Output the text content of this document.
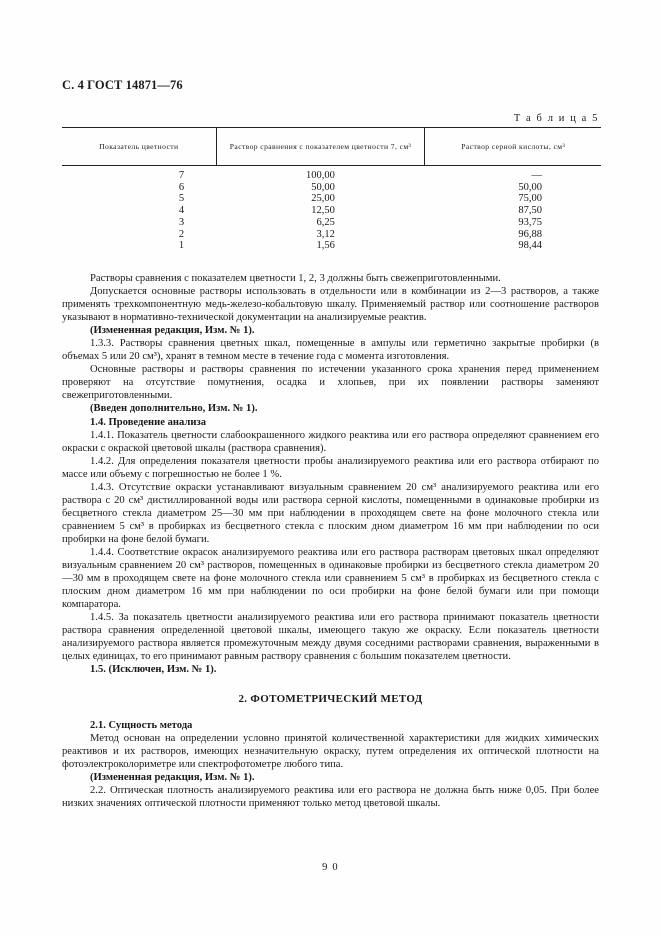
С. 4 ГОСТ 14871—76
Т а б л и ц а 5
Показатель цветности	Раствор сравнения с показателем цветности 7, см³	Раствор серной кислоты, см³
7	100,00	—
6	50,00	50,00
5	25,00	75,00
4	12,50	87,50
3	6,25	93,75
2	3,12	96,88
1	1,56	98,44

Растворы сравнения с показателем цветности 1, 2, 3 должны быть свежеприготовленными.

Допускается основные растворы использовать в отдельности или в комбинации из 2—3 растворов, а также применять трехкомпонентную медь-железо-кобальтовую шкалу. Применяемый раствор или соотношение растворов указывают в нормативно-технической документации на анализируемые реактив.

(Измененная редакция, Изм. № 1).

1.3.3. Растворы сравнения цветных шкал, помещенные в ампулы или герметично закрытые пробирки (в объемах 5 или 20 см³), хранят в темном месте в течение года с момента изготовления.

Основные растворы и растворы сравнения по истечении указанного срока хранения перед применением проверяют на отсутствие помутнения, осадка и хлопьев, при их появлении растворы заменяют свежеприготовленными.

(Введен дополнительно, Изм. № 1).

1.4. Проведение анализа

1.4.1. Показатель цветности слабоокрашенного жидкого реактива или его раствора определяют сравнением его окраски с окраской цветовой шкалы (раствора сравнения).

1.4.2. Для определения показателя цветности пробы анализируемого реактива или его раствора отбирают по массе или объему с погрешностью не более 1 %.

1.4.3. Отсутствие окраски устанавливают визуальным сравнением 20 см³ анализируемого реактива или его раствора с 20 см³ дистиллированной воды или раствора серной кислоты, помещенными в одинаковые пробирки из бесцветного стекла диаметром 25—30 мм при наблюдении в проходящем свете на фоне молочного стекла или сравнением 5 см³ в пробирках из бесцветного стекла с плоским дном диаметром 16 мм при наблюдении по оси пробирки на фоне белой бумаги.

1.4.4. Соответствие окрасок анализируемого реактива или его раствора растворам цветовых шкал определяют визуальным сравнением 20 см³ растворов, помещенных в одинаковые пробирки из бесцветного стекла диаметром 20—30 мм в проходящем свете на фоне молочного стекла или сравнением 5 см³ в пробирках из бесцветного стекла с плоским дном диаметром 16 мм при наблюдении по оси пробирки на фоне белой бумаги или при помощи компаратора.

1.4.5. За показатель цветности анализируемого реактива или его раствора принимают показатель цветности раствора сравнения определенной цветовой шкалы, имеющего такую же окраску. Если показатель цветности анализируемого раствора является промежуточным между двумя соседними растворами сравнения, выраженными в целых единицах, то его принимают равным раствору сравнения с большим показателем цветности.

1.5. (Исключен, Изм. № 1).

2. ФОТОМЕТРИЧЕСКИЙ МЕТОД

2.1. Сущность метода

Метод основан на определении условно принятой количественной характеристики для жидких химических реактивов и их растворов, имеющих незначительную окраску, путем определения их оптической плотности на фотоэлектроколориметре или спектрофотометре любого типа.

(Измененная редакция, Изм. № 1).

2.2. Оптическая плотность анализируемого реактива или его раствора не должна быть ниже 0,05. При более низких значениях оптической плотности применяют только метод цветовой шкалы.

9 0
